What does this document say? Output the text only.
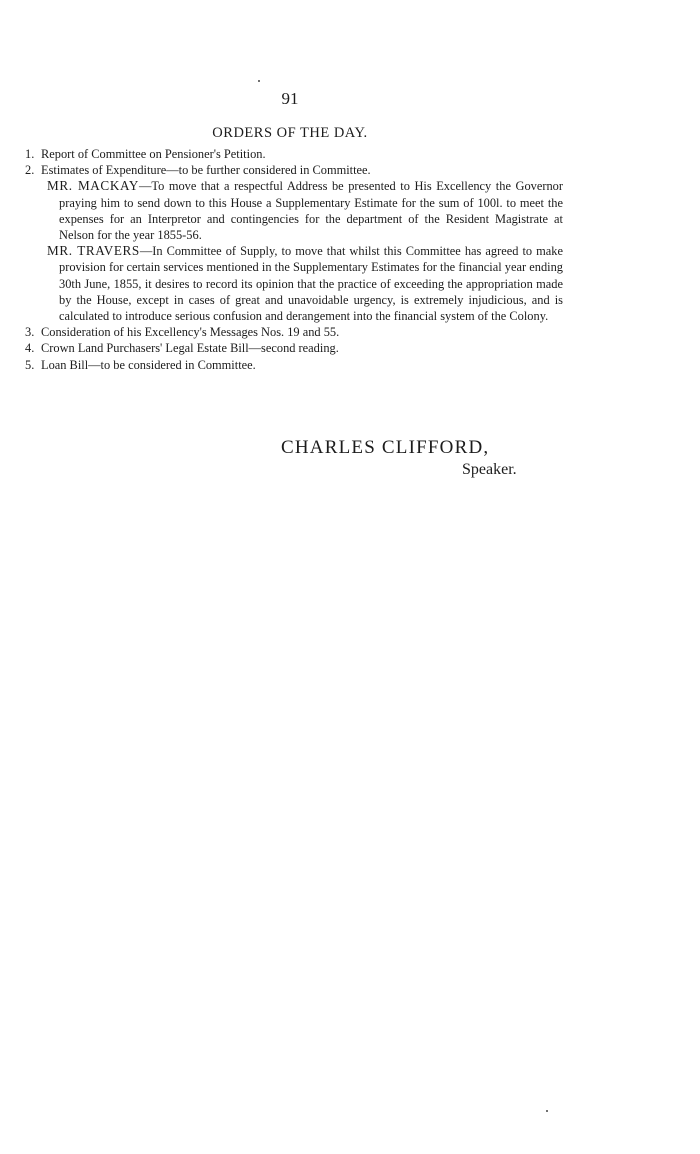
91
ORDERS OF THE DAY.
1. Report of Committee on Pensioner's Petition.
2. Estimates of Expenditure—to be further considered in Committee.
MR. MACKAY—To move that a respectful Address be presented to His Excellency the Governor praying him to send down to this House a Supplementary Estimate for the sum of 100l. to meet the expenses for an Interpretor and contingencies for the department of the Resident Magistrate at Nelson for the year 1855-56.
MR. TRAVERS—In Committee of Supply, to move that whilst this Committee has agreed to make provision for certain services mentioned in the Supplementary Estimates for the financial year ending 30th June, 1855, it desires to record its opinion that the practice of exceeding the appropriation made by the House, except in cases of great and unavoidable urgency, is extremely injudicious, and is calculated to introduce serious confusion and derangement into the financial system of the Colony.
3. Consideration of his Excellency's Messages Nos. 19 and 55.
4. Crown Land Purchasers' Legal Estate Bill—second reading.
5. Loan Bill—to be considered in Committee.
CHARLES CLIFFORD,
Speaker.
